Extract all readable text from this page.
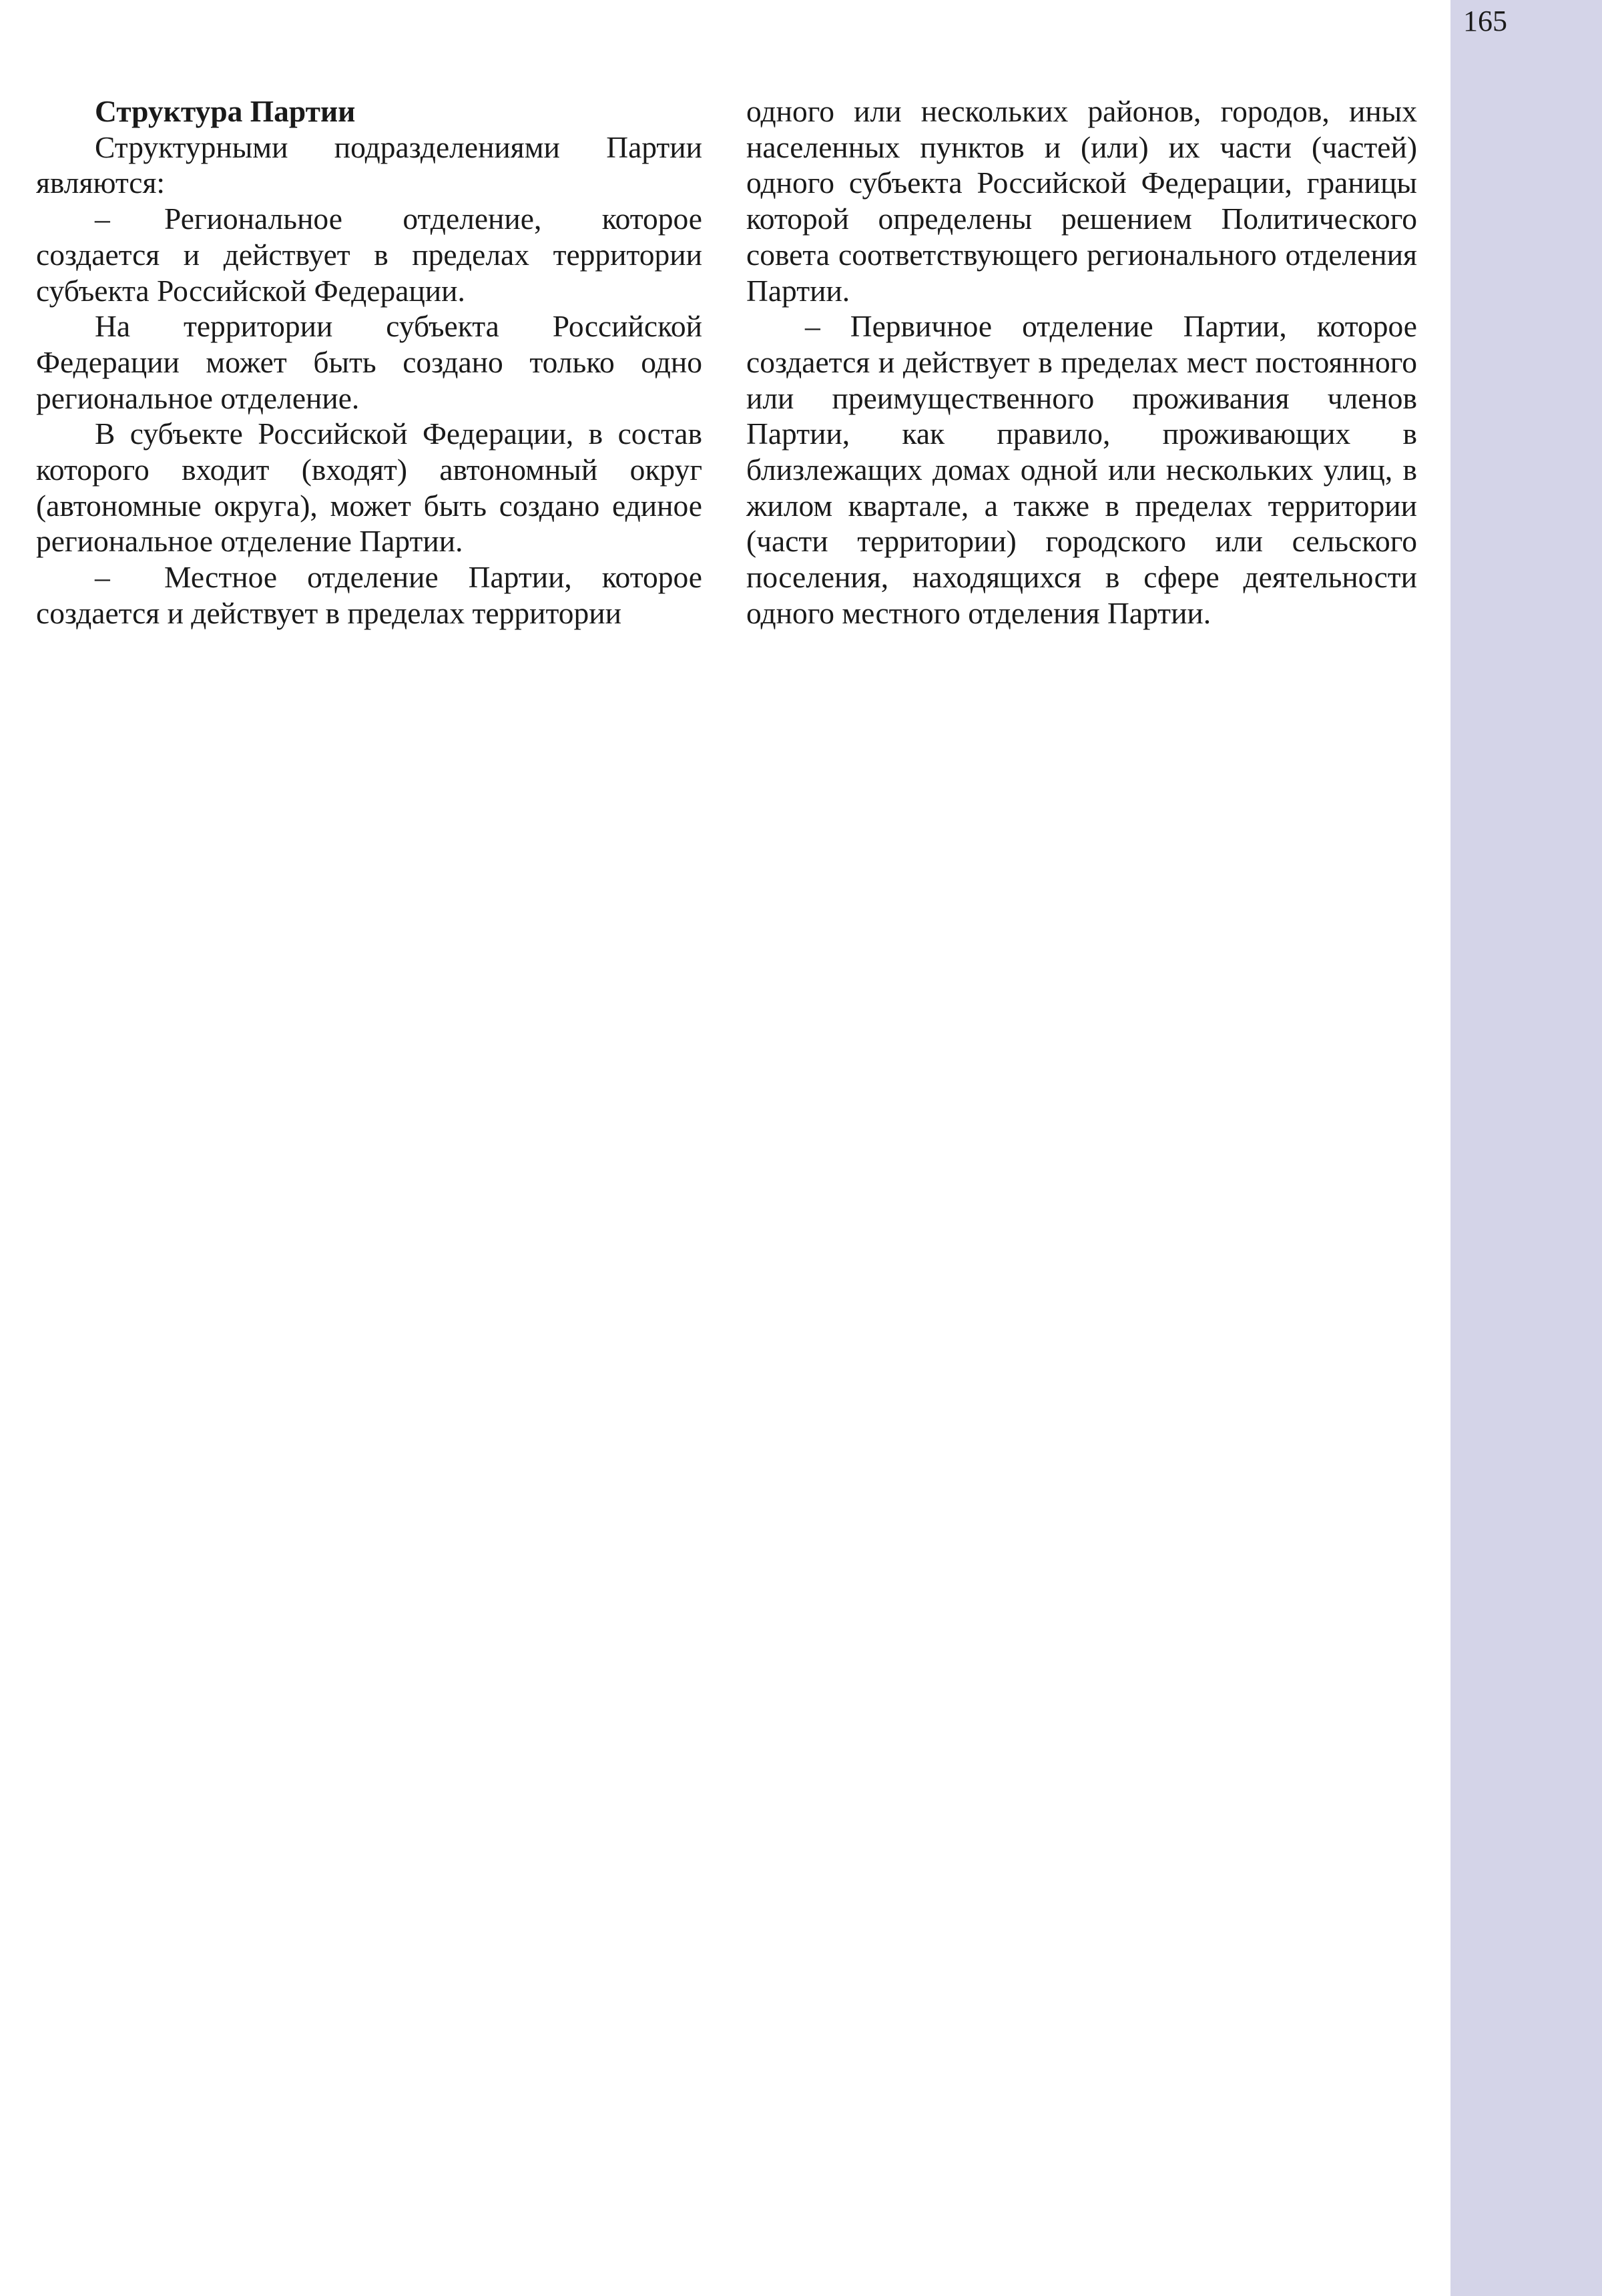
165

Структура Партии

Структурными подразделениями Партии являются:

– Региональное отделение, которое создается и действует в пределах территории субъекта Российской Федерации.

На территории субъекта Российской Федерации может быть создано только одно региональное отделение.

В субъекте Российской Федерации, в состав которого входит (входят) автономный округ (автономные округа), может быть создано единое региональное отделение Партии.

– Местное отделение Партии, которое создается и действует в пределах территории

одного или нескольких районов, городов, иных населенных пунктов и (или) их части (частей) одного субъекта Российской Федерации, границы которой определены решением Политического совета соответствующего регионального отделения Партии.

– Первичное отделение Партии, которое создается и действует в пределах мест постоянного или преимущественного проживания членов Партии, как правило, проживающих в близлежащих домах одной или нескольких улиц, в жилом квартале, а также в пределах территории (части территории) городского или сельского поселения, находящихся в сфере деятельности одного местного отделения Партии.
